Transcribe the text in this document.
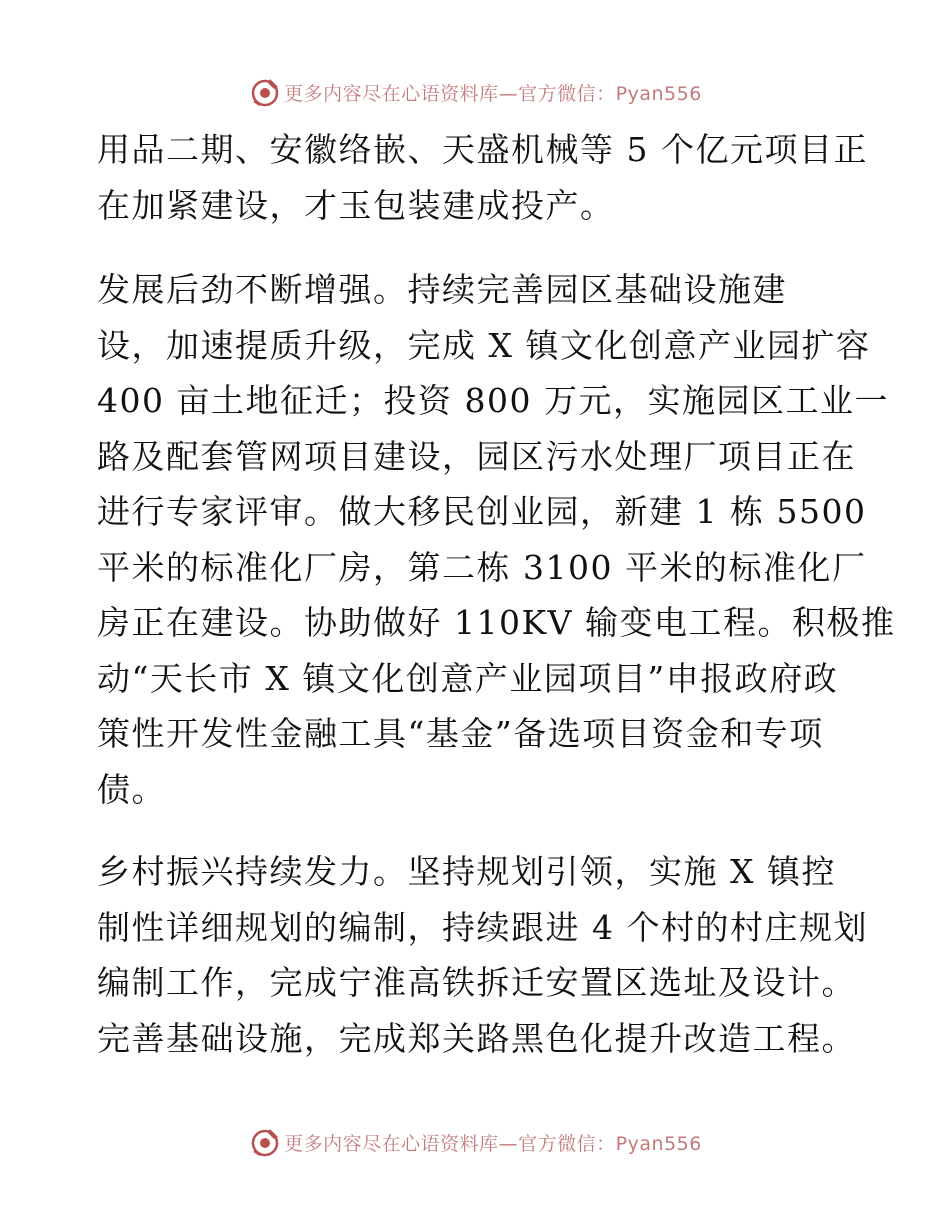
更多内容尽在心语资料库—官方微信：Pyan556

用品二期、安徽络嵌、天盛机械等 5 个亿元项目正
在加紧建设，才玉包装建成投产。

发展后劲不断增强。持续完善园区基础设施建
设，加速提质升级，完成 X 镇文化创意产业园扩容
400 亩土地征迁；投资 800 万元，实施园区工业一
路及配套管网项目建设，园区污水处理厂项目正在
进行专家评审。做大移民创业园，新建 1 栋 5500
平米的标准化厂房，第二栋 3100 平米的标准化厂
房正在建设。协助做好 110KV 输变电工程。积极推
动“天长市 X 镇文化创意产业园项目”申报政府政
策性开发性金融工具“基金”备选项目资金和专项
债。

乡村振兴持续发力。坚持规划引领，实施 X 镇控
制性详细规划的编制，持续跟进 4 个村的村庄规划
编制工作，完成宁淮高铁拆迁安置区选址及设计。
完善基础设施，完成郑关路黑色化提升改造工程。

更多内容尽在心语资料库—官方微信：Pyan556
